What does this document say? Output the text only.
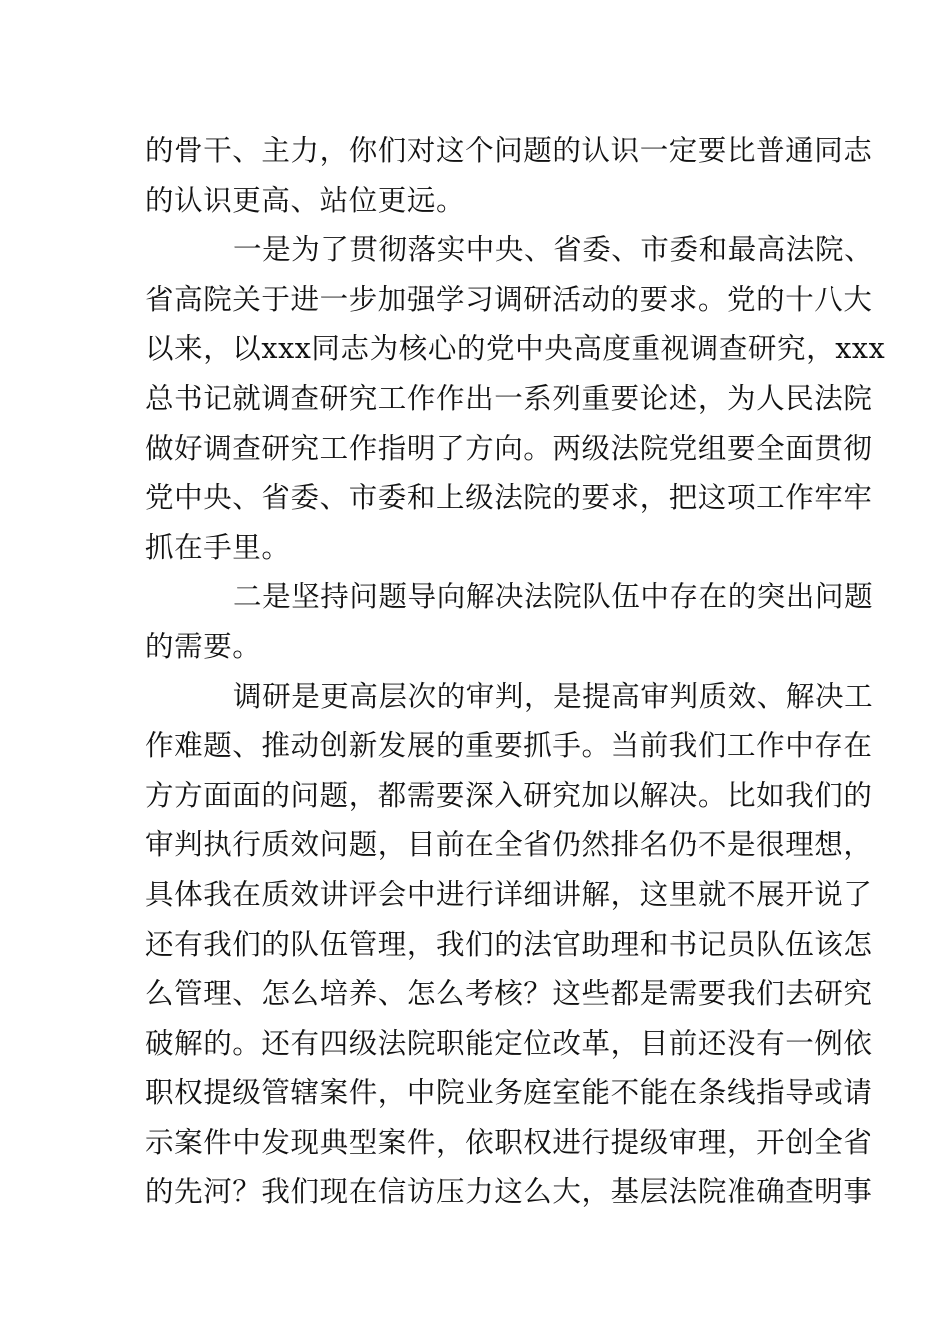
的骨干、主力，你们对这个问题的认识一定要比普通同志
的认识更高、站位更远。
一是为了贯彻落实中央、省委、市委和最高法院、
省高院关于进一步加强学习调研活动的要求。党的十八大
以来，以xxx同志为核心的党中央高度重视调查研究，xxx
总书记就调查研究工作作出一系列重要论述，为人民法院
做好调查研究工作指明了方向。两级法院党组要全面贯彻
党中央、省委、市委和上级法院的要求，把这项工作牢牢
抓在手里。
二是坚持问题导向解决法院队伍中存在的突出问题
的需要。
调研是更高层次的审判，是提高审判质效、解决工
作难题、推动创新发展的重要抓手。当前我们工作中存在
方方面面的问题，都需要深入研究加以解决。比如我们的
审判执行质效问题，目前在全省仍然排名仍不是很理想，
具体我在质效讲评会中进行详细讲解，这里就不展开说了
还有我们的队伍管理，我们的法官助理和书记员队伍该怎
么管理、怎么培养、怎么考核？这些都是需要我们去研究
破解的。还有四级法院职能定位改革，目前还没有一例依
职权提级管辖案件，中院业务庭室能不能在条线指导或请
示案件中发现典型案件，依职权进行提级审理，开创全省
的先河？我们现在信访压力这么大，基层法院准确查明事
